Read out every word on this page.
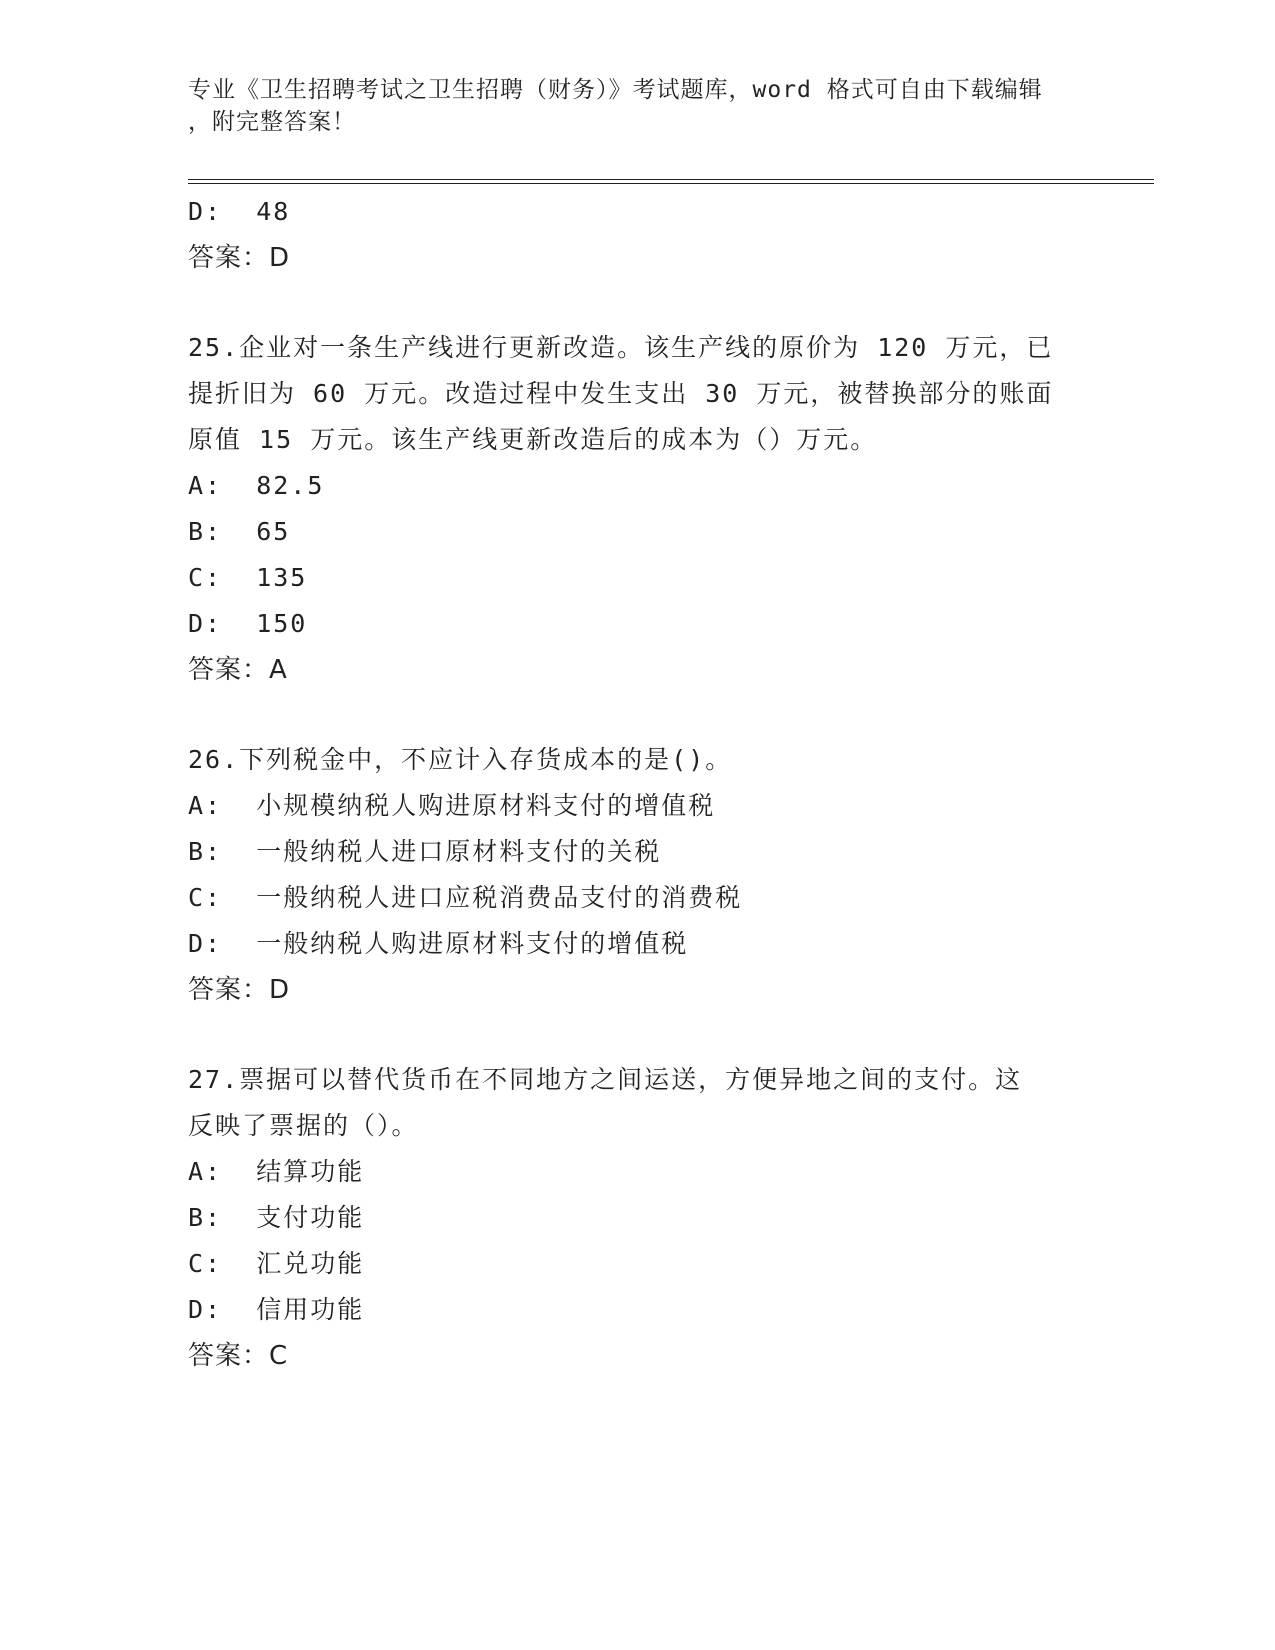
专业《卫生招聘考试之卫生招聘（财务）》考试题库，word 格式可自由下载编辑
，附完整答案！
D:  48
答案：D
25.企业对一条生产线进行更新改造。该生产线的原价为 120 万元，已
提折旧为 60 万元。改造过程中发生支出 30 万元，被替换部分的账面
原值 15 万元。该生产线更新改造后的成本为（）万元。
A:  82.5
B:  65
C:  135
D:  150
答案：A
26.下列税金中，不应计入存货成本的是()。
A:  小规模纳税人购进原材料支付的增值税
B:  一般纳税人进口原材料支付的关税
C:  一般纳税人进口应税消费品支付的消费税
D:  一般纳税人购进原材料支付的增值税
答案：D
27.票据可以替代货币在不同地方之间运送，方便异地之间的支付。这
反映了票据的（）。
A:  结算功能
B:  支付功能
C:  汇兑功能
D:  信用功能
答案：C
